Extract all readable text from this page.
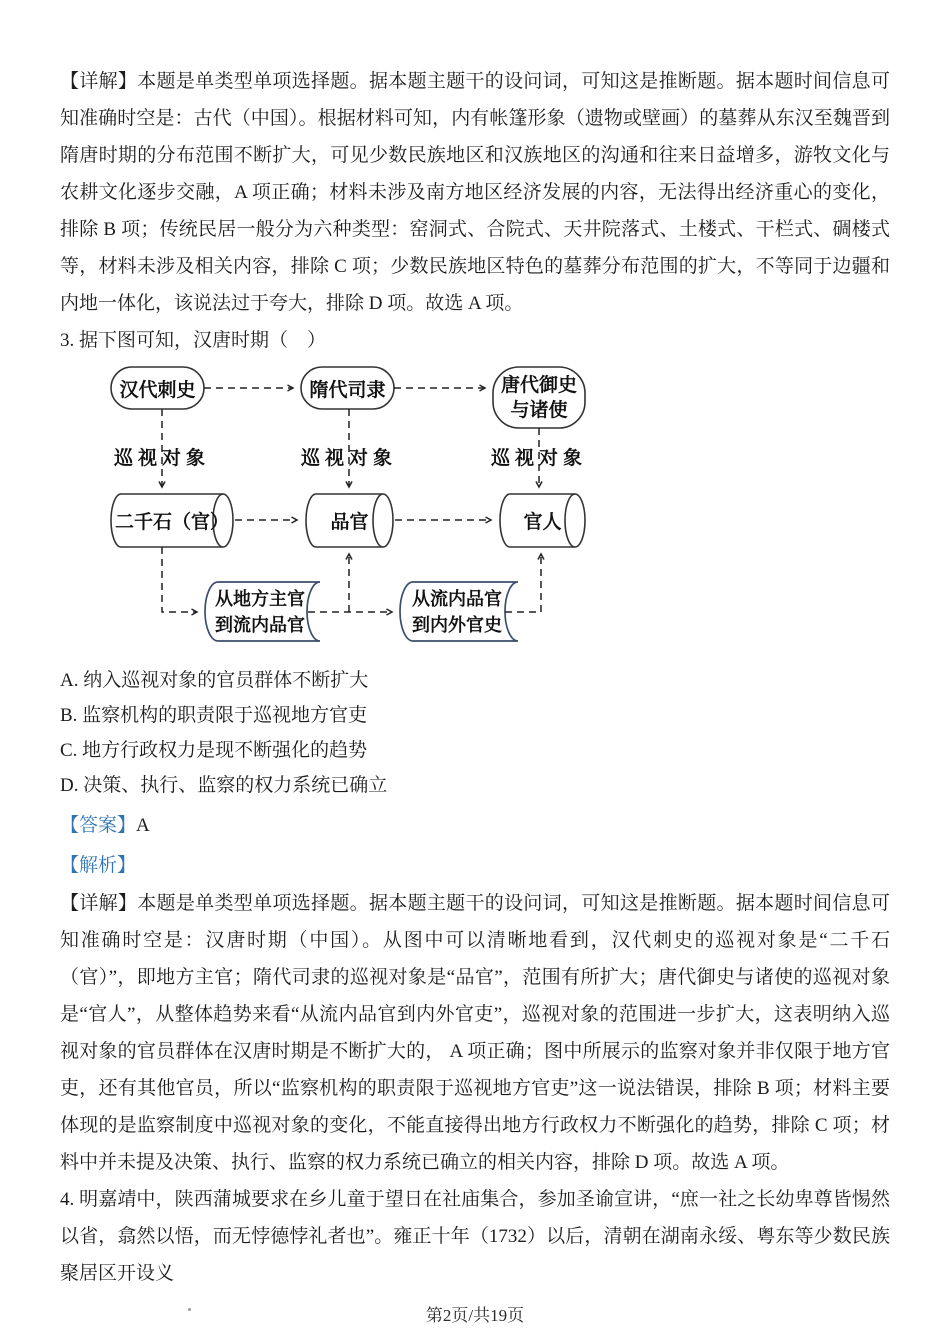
【详解】本题是单类型单项选择题。据本题主题干的设问词，可知这是推断题。据本题时间信息可知准确时空是：古代（中国）。根据材料可知，内有帐篷形象（遗物或壁画）的墓葬从东汉至魏晋到隋唐时期的分布范围不断扩大，可见少数民族地区和汉族地区的沟通和往来日益增多，游牧文化与农耕文化逐步交融，A 项正确；材料未涉及南方地区经济发展的内容，无法得出经济重心的变化，排除 B 项；传统民居一般分为六种类型：窑洞式、合院式、天井院落式、土楼式、干栏式、碉楼式等，材料未涉及相关内容，排除 C 项；少数民族地区特色的墓葬分布范围的扩大，不等同于边疆和内地一体化，该说法过于夸大，排除 D 项。故选 A 项。

3. 据下图可知，汉唐时期（　）

汉代刺史	隋代司隶	唐代御史与诸使
巡视对象	巡视对象	巡视对象
二千石（官）	品官	官人
从地方主官到流内品官
从流内品官到内外官史
A. 纳入巡视对象的官员群体不断扩大
B. 监察机构的职责限于巡视地方官吏
C. 地方行政权力是现不断强化的趋势
D. 决策、执行、监察的权力系统已确立
【答案】A
【解析】

【详解】本题是单类型单项选择题。据本题主题干的设问词，可知这是推断题。据本题时间信息可知准确时空是：汉唐时期（中国）。从图中可以清晰地看到，汉代刺史的巡视对象是“二千石（官）”，即地方主官；隋代司隶的巡视对象是“品官”，范围有所扩大；唐代御史与诸使的巡视对象是“官人”，从整体趋势来看“从流内品官到内外官吏”，巡视对象的范围进一步扩大，这表明纳入巡视对象的官员群体在汉唐时期是不断扩大的， A 项正确；图中所展示的监察对象并非仅限于地方官吏，还有其他官员，所以“监察机构的职责限于巡视地方官吏”这一说法错误，排除 B 项；材料主要体现的是监察制度中巡视对象的变化，不能直接得出地方行政权力不断强化的趋势，排除 C 项；材料中并未提及决策、执行、监察的权力系统已确立的相关内容，排除 D 项。故选 A 项。

4. 明嘉靖中，陕西蒲城要求在乡儿童于望日在社庙集合，参加圣谕宣讲，“庶一社之长幼卑尊皆惕然以省，翕然以悟，而无悖德悖礼者也”。雍正十年（1732）以后，清朝在湖南永绥、粤东等少数民族聚居区开设义

第2页/共19页
